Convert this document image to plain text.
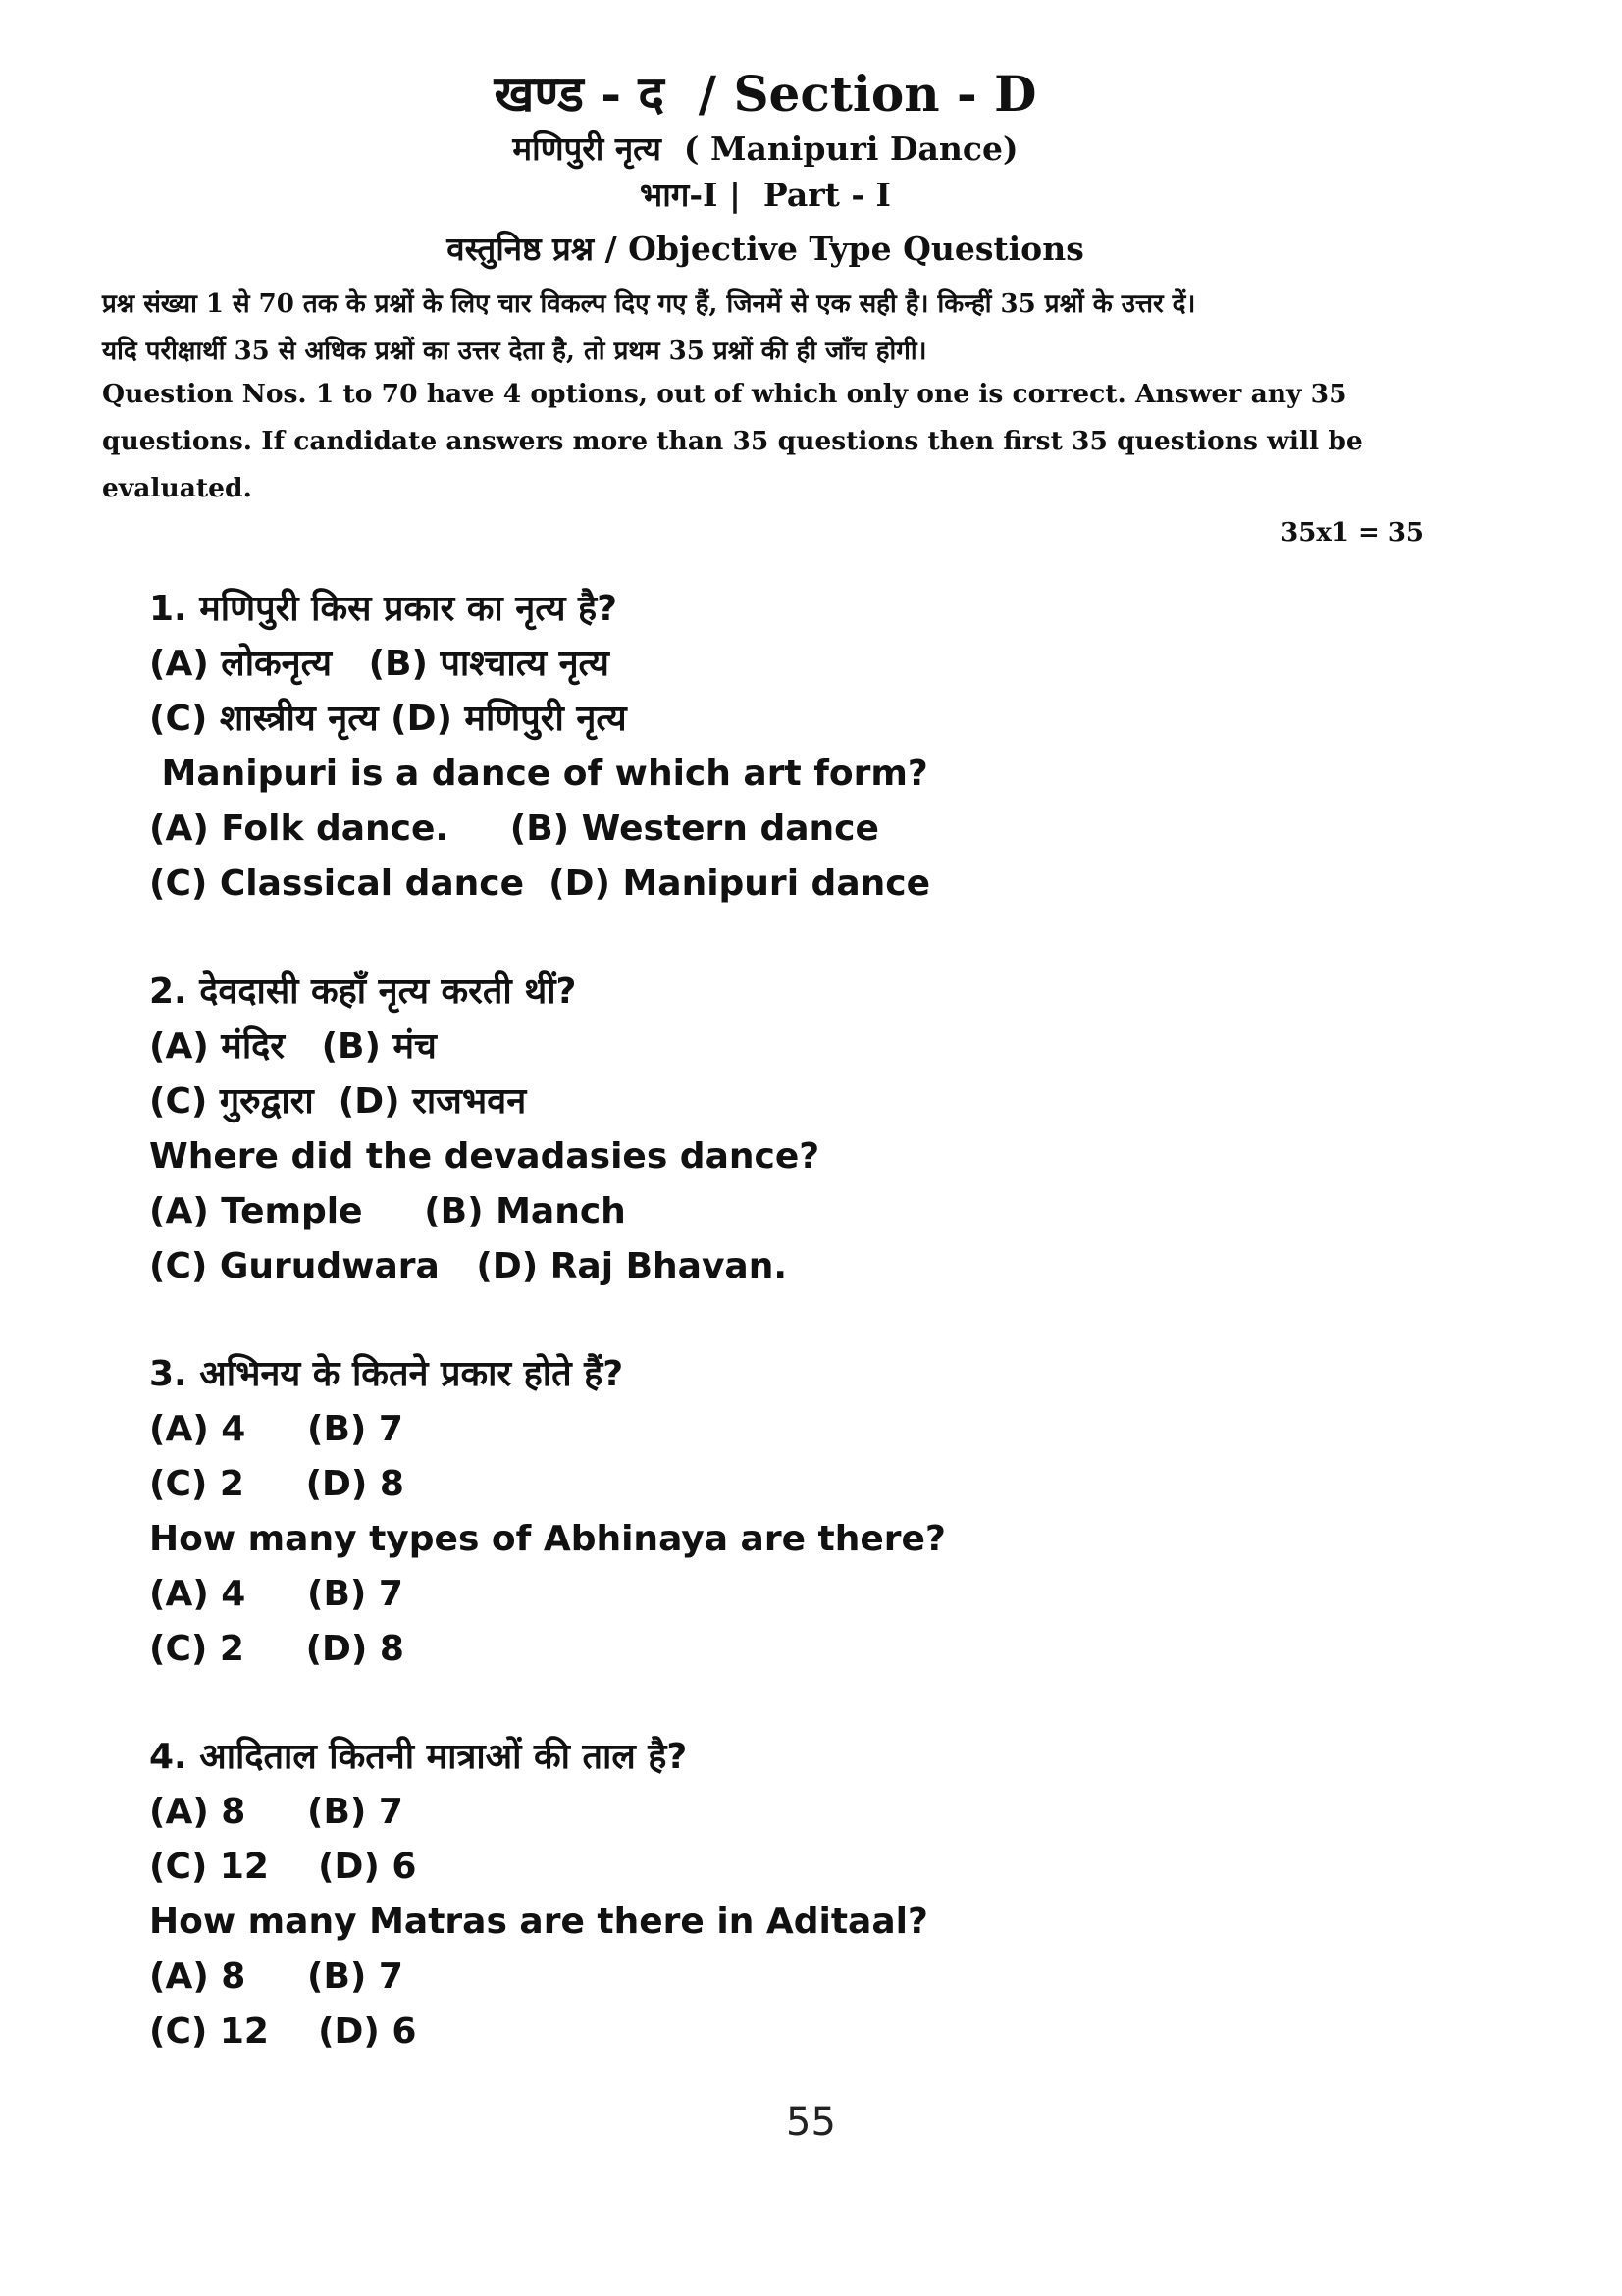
खण्ड - द  / Section - D
मणिपुरी नृत्य  ( Manipuri Dance)
भाग-I |  Part - I
वस्तुनिष्ठ प्रश्न / Objective Type Questions
प्रश्न संख्या 1 से 70 तक के प्रश्नों के लिए चार विकल्प दिए गए हैं, जिनमें से एक सही है। किन्हीं 35 प्रश्नों के उत्तर दें।
यदि परीक्षार्थी 35 से अधिक प्रश्नों का उत्तर देता है, तो प्रथम 35 प्रश्नों की ही जाँच होगी।
Question Nos. 1 to 70 have 4 options, out of which only one is correct. Answer any 35
questions. If candidate answers more than 35 questions then first 35 questions will be
evaluated.
35x1 = 35
1. मणिपुरी किस प्रकार का नृत्य है?
(A) लोकनृत्य   (B) पाश्चात्य नृत्य
(C) शास्त्रीय नृत्य (D) मणिपुरी नृत्य
Manipuri is a dance of which art form?
(A) Folk dance.     (B) Western dance
(C) Classical dance  (D) Manipuri dance
2. देवदासी कहाँ नृत्य करती थीं?
(A) मंदिर   (B) मंच
(C) गुरुद्वारा  (D) राजभवन
Where did the devadasies dance?
(A) Temple     (B) Manch
(C) Gurudwara   (D) Raj Bhavan.
3. अभिनय के कितने प्रकार होते हैं?
(A) 4     (B) 7
(C) 2     (D) 8
How many types of Abhinaya are there?
(A) 4     (B) 7
(C) 2     (D) 8
4. आदिताल कितनी मात्राओं की ताल है?
(A) 8     (B) 7
(C) 12    (D) 6
How many Matras are there in Aditaal?
(A) 8     (B) 7
(C) 12    (D) 6
55
